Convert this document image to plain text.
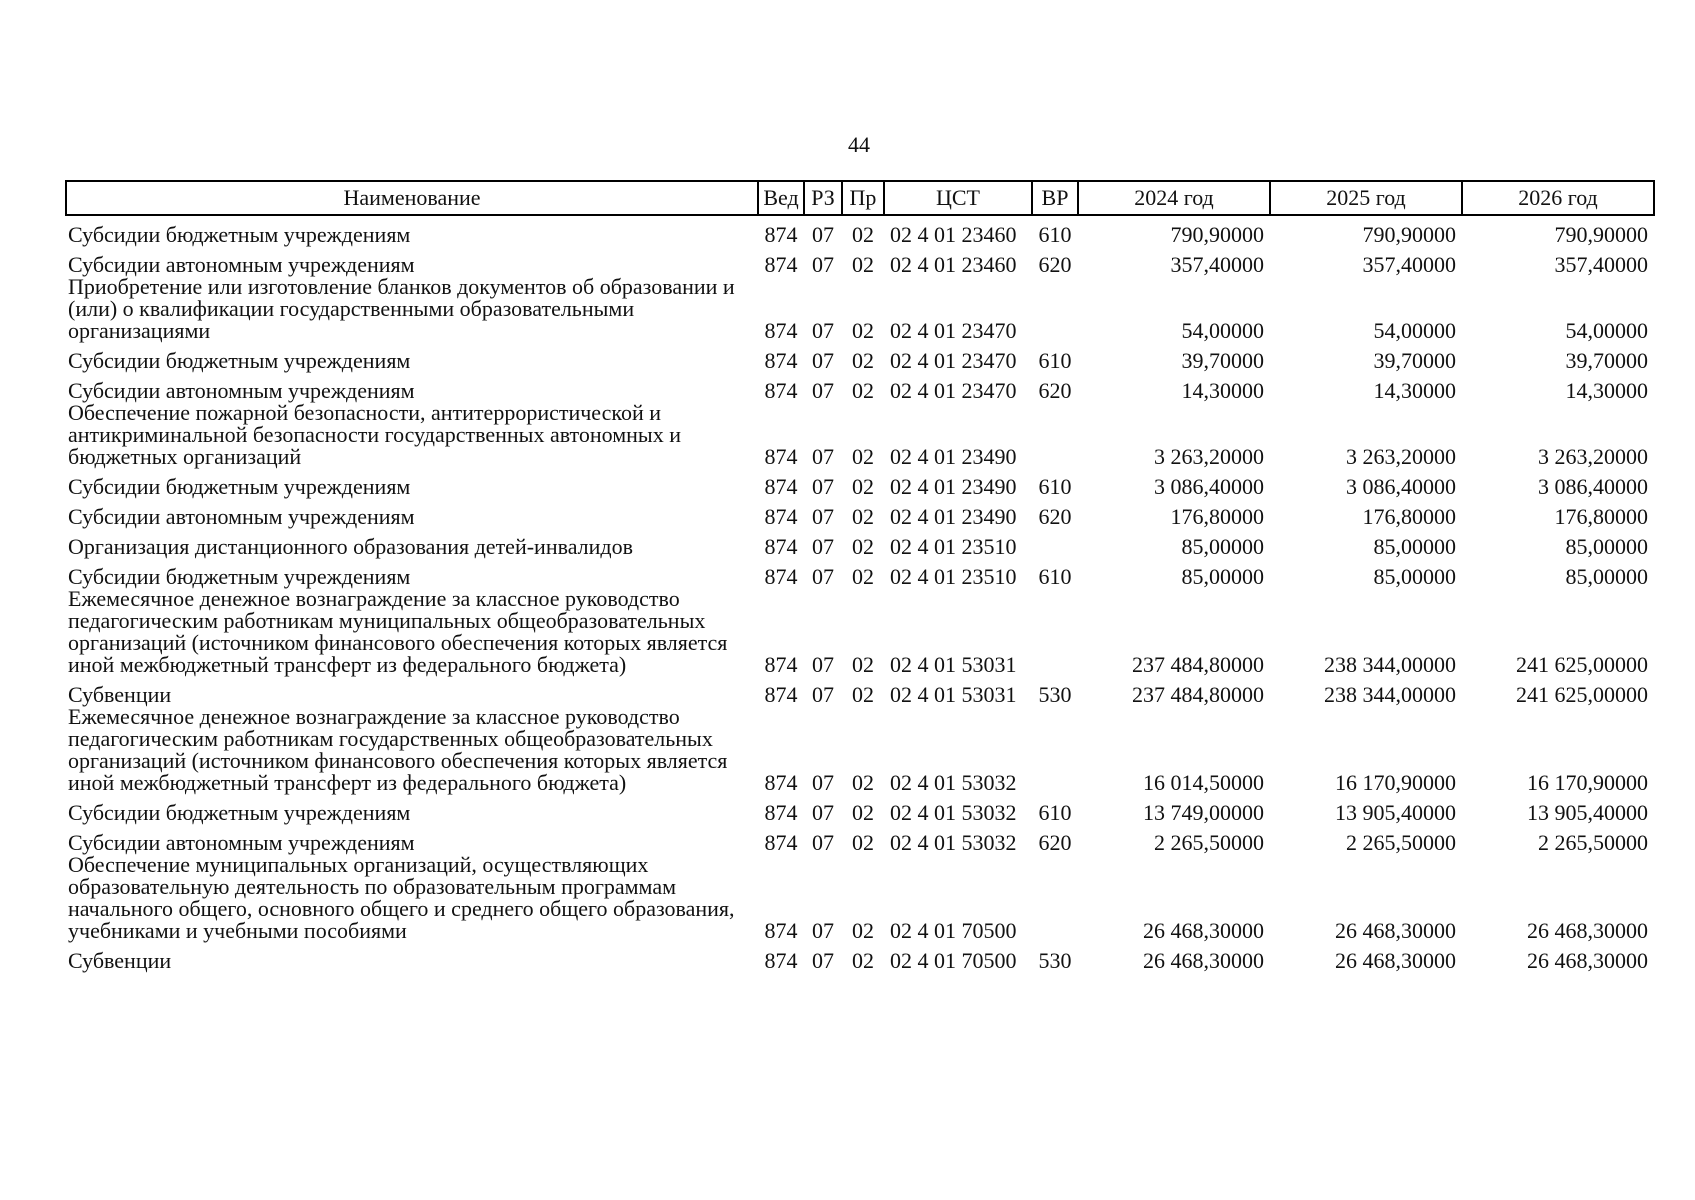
44
Наименование	Вед	РЗ	Пр	ЦСТ	ВР	2024 год	2025 год	2026 год
Субсидии бюджетным учреждениям	874	07	02	02 4 01 23460	610	790,90000	790,90000	790,90000
Субсидии автономным учреждениям	874	07	02	02 4 01 23460	620	357,40000	357,40000	357,40000
Приобретение или изготовление бланков документов об образовании и (или) о квалификации государственными образовательными организациями	874	07	02	02 4 01 23470		54,00000	54,00000	54,00000
Субсидии бюджетным учреждениям	874	07	02	02 4 01 23470	610	39,70000	39,70000	39,70000
Субсидии автономным учреждениям	874	07	02	02 4 01 23470	620	14,30000	14,30000	14,30000
Обеспечение пожарной безопасности, антитеррористической и антикриминальной безопасности государственных автономных и бюджетных организаций	874	07	02	02 4 01 23490		3 263,20000	3 263,20000	3 263,20000
Субсидии бюджетным учреждениям	874	07	02	02 4 01 23490	610	3 086,40000	3 086,40000	3 086,40000
Субсидии автономным учреждениям	874	07	02	02 4 01 23490	620	176,80000	176,80000	176,80000
Организация дистанционного образования детей-инвалидов	874	07	02	02 4 01 23510		85,00000	85,00000	85,00000
Субсидии бюджетным учреждениям	874	07	02	02 4 01 23510	610	85,00000	85,00000	85,00000
Ежемесячное денежное вознаграждение за классное руководство педагогическим работникам муниципальных общеобразовательных организаций (источником финансового обеспечения которых является иной межбюджетный трансферт из федерального бюджета)	874	07	02	02 4 01 53031		237 484,80000	238 344,00000	241 625,00000
Субвенции	874	07	02	02 4 01 53031	530	237 484,80000	238 344,00000	241 625,00000
Ежемесячное денежное вознаграждение за классное руководство педагогическим работникам государственных общеобразовательных организаций (источником финансового обеспечения которых является иной межбюджетный трансферт из федерального бюджета)	874	07	02	02 4 01 53032		16 014,50000	16 170,90000	16 170,90000
Субсидии бюджетным учреждениям	874	07	02	02 4 01 53032	610	13 749,00000	13 905,40000	13 905,40000
Субсидии автономным учреждениям	874	07	02	02 4 01 53032	620	2 265,50000	2 265,50000	2 265,50000
Обеспечение муниципальных организаций, осуществляющих образовательную деятельность по образовательным программам начального общего, основного общего и среднего общего образования, учебниками и учебными пособиями	874	07	02	02 4 01 70500		26 468,30000	26 468,30000	26 468,30000
Субвенции	874	07	02	02 4 01 70500	530	26 468,30000	26 468,30000	26 468,30000
